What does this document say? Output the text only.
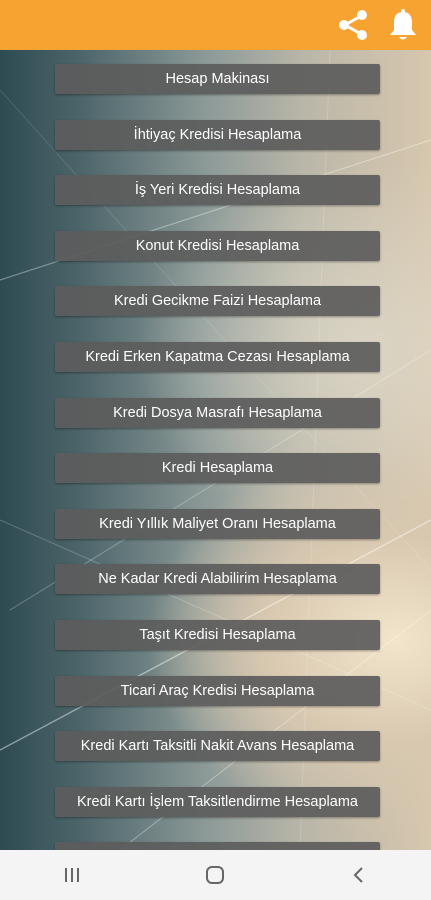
Hesap Makinası
İhtiyaç Kredisi Hesaplama
İş Yeri Kredisi Hesaplama
Konut Kredisi Hesaplama
Kredi Gecikme Faizi Hesaplama
Kredi Erken Kapatma Cezası Hesaplama
Kredi Dosya Masrafı Hesaplama
Kredi Hesaplama
Kredi Yıllık Maliyet Oranı Hesaplama
Ne Kadar Kredi Alabilirim Hesaplama
Taşıt Kredisi Hesaplama
Ticari Araç Kredisi Hesaplama
Kredi Kartı Taksitli Nakit Avans Hesaplama
Kredi Kartı İşlem Taksitlendirme Hesaplama
